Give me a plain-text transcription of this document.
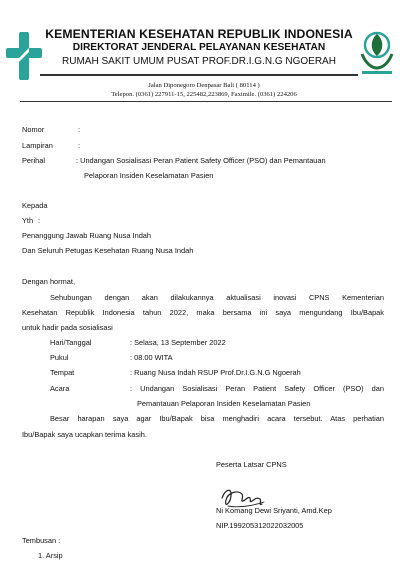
KEMENTERIAN KESEHATAN REPUBLIK INDONESIA
DIREKTORAT JENDERAL PELAYANAN KESEHATAN
RUMAH SAKIT UMUM PUSAT PROF.DR.I.G.N.G NGOERAH
Jalan Diponegoro Denpasar Bali ( 80114 )
Telepon. (0361) 227911-15, 225482,223869, Faximile. (0361) 224206
Nomor	:
Lampiran	:
Perihal	: Undangan Sosialisasi Peran Patient Safety Officer (PSO) dan Pemantauan
Pelaporan Insiden Keselamatan Pasien
Kepada
Yth :
Penanggung Jawab Ruang Nusa Indah
Dan Seluruh Petugas Kesehatan Ruang Nusa Indah
Dengan hormat,
Sehubungan dengan akan dilakukannya aktualisasi inovasi CPNS Kementerian
Kesehatan Republik Indonesia tahun 2022, maka bersama ini saya mengundang Ibu/Bapak
untuk hadir pada sosialisasi
Hari/Tanggal	: Selasa, 13 September 2022
Pukul	: 08.00 WITA
Tempat	: Ruang Nusa Indah RSUP Prof.Dr.I.G.N.G Ngoerah
Acara	: Undangan Sosialisasi Peran Patient Safety Officer (PSO) dan
Pemantauan Pelaporan Insiden Keselamatan Pasien
Besar harapan saya agar Ibu/Bapak bisa menghadiri acara tersebut. Atas perhatian
Ibu/Bapak saya ucapkan terima kasih.
Peserta Latsar CPNS
Ni Komang Dewi Sriyanti, Amd.Kep
NIP.199205312022032005
Tembusan :
1. Arsip
